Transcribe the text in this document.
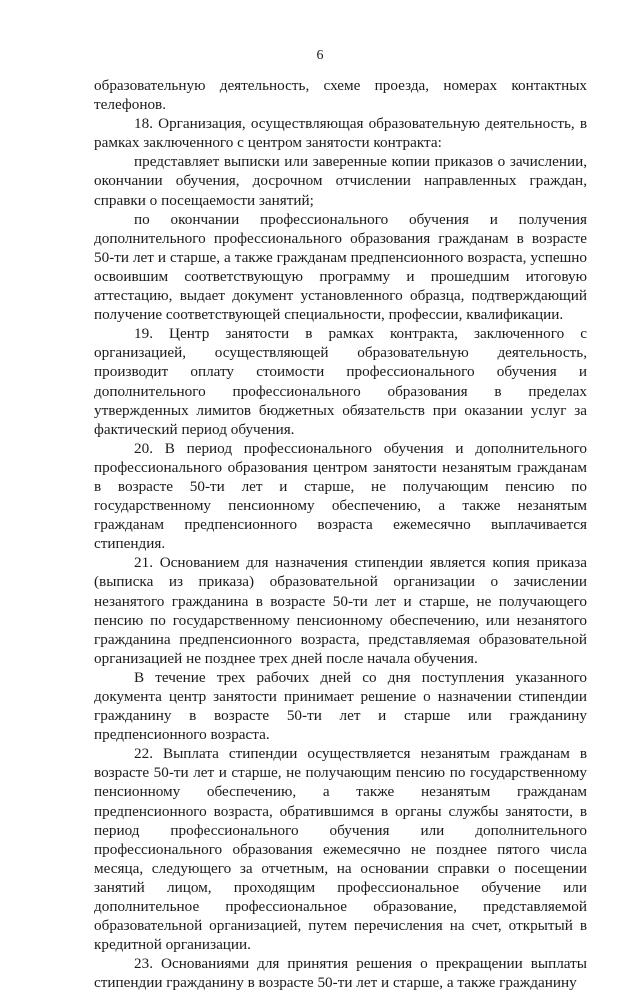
6

образовательную деятельность, схеме проезда, номерах контактных телефонов.

18. Организация, осуществляющая образовательную деятельность, в рамках заключенного с центром занятости контракта:

представляет выписки или заверенные копии приказов о зачислении, окончании обучения, досрочном отчислении направленных граждан, справки о посещаемости занятий;

по окончании профессионального обучения и получения дополнительного профессионального образования гражданам в возрасте 50-ти лет и старше, а также гражданам предпенсионного возраста, успешно освоившим соответствующую программу и прошедшим итоговую аттестацию, выдает документ установленного образца, подтверждающий получение соответствующей специальности, профессии, квалификации.

19. Центр занятости в рамках контракта, заключенного с организацией, осуществляющей образовательную деятельность, производит оплату стоимости профессионального обучения и дополнительного профессионального образования в пределах утвержденных лимитов бюджетных обязательств при оказании услуг за фактический период обучения.

20. В период профессионального обучения и дополнительного профессионального образования центром занятости незанятым гражданам в возрасте 50-ти лет и старше, не получающим пенсию по государственному пенсионному обеспечению, а также незанятым гражданам предпенсионного возраста ежемесячно выплачивается стипендия.

21. Основанием для назначения стипендии является копия приказа (выписка из приказа) образовательной организации о зачислении незанятого гражданина в возрасте 50-ти лет и старше, не получающего пенсию по государственному пенсионному обеспечению, или незанятого гражданина предпенсионного возраста, представляемая образовательной организацией не позднее трех дней после начала обучения.

В течение трех рабочих дней со дня поступления указанного документа центр занятости принимает решение о назначении стипендии гражданину в возрасте 50-ти лет и старше или гражданину предпенсионного возраста.

22. Выплата стипендии осуществляется незанятым гражданам в возрасте 50-ти лет и старше, не получающим пенсию по государственному пенсионному обеспечению, а также незанятым гражданам предпенсионного возраста, обратившимся в органы службы занятости, в период профессионального обучения или дополнительного профессионального образования ежемесячно не позднее пятого числа месяца, следующего за отчетным, на основании справки о посещении занятий лицом, проходящим профессиональное обучение или дополнительное профессиональное образование, представляемой образовательной организацией, путем перечисления на счет, открытый в кредитной организации.

23. Основаниями для принятия решения о прекращении выплаты стипендии гражданину в возрасте 50-ти лет и старше, а также гражданину
